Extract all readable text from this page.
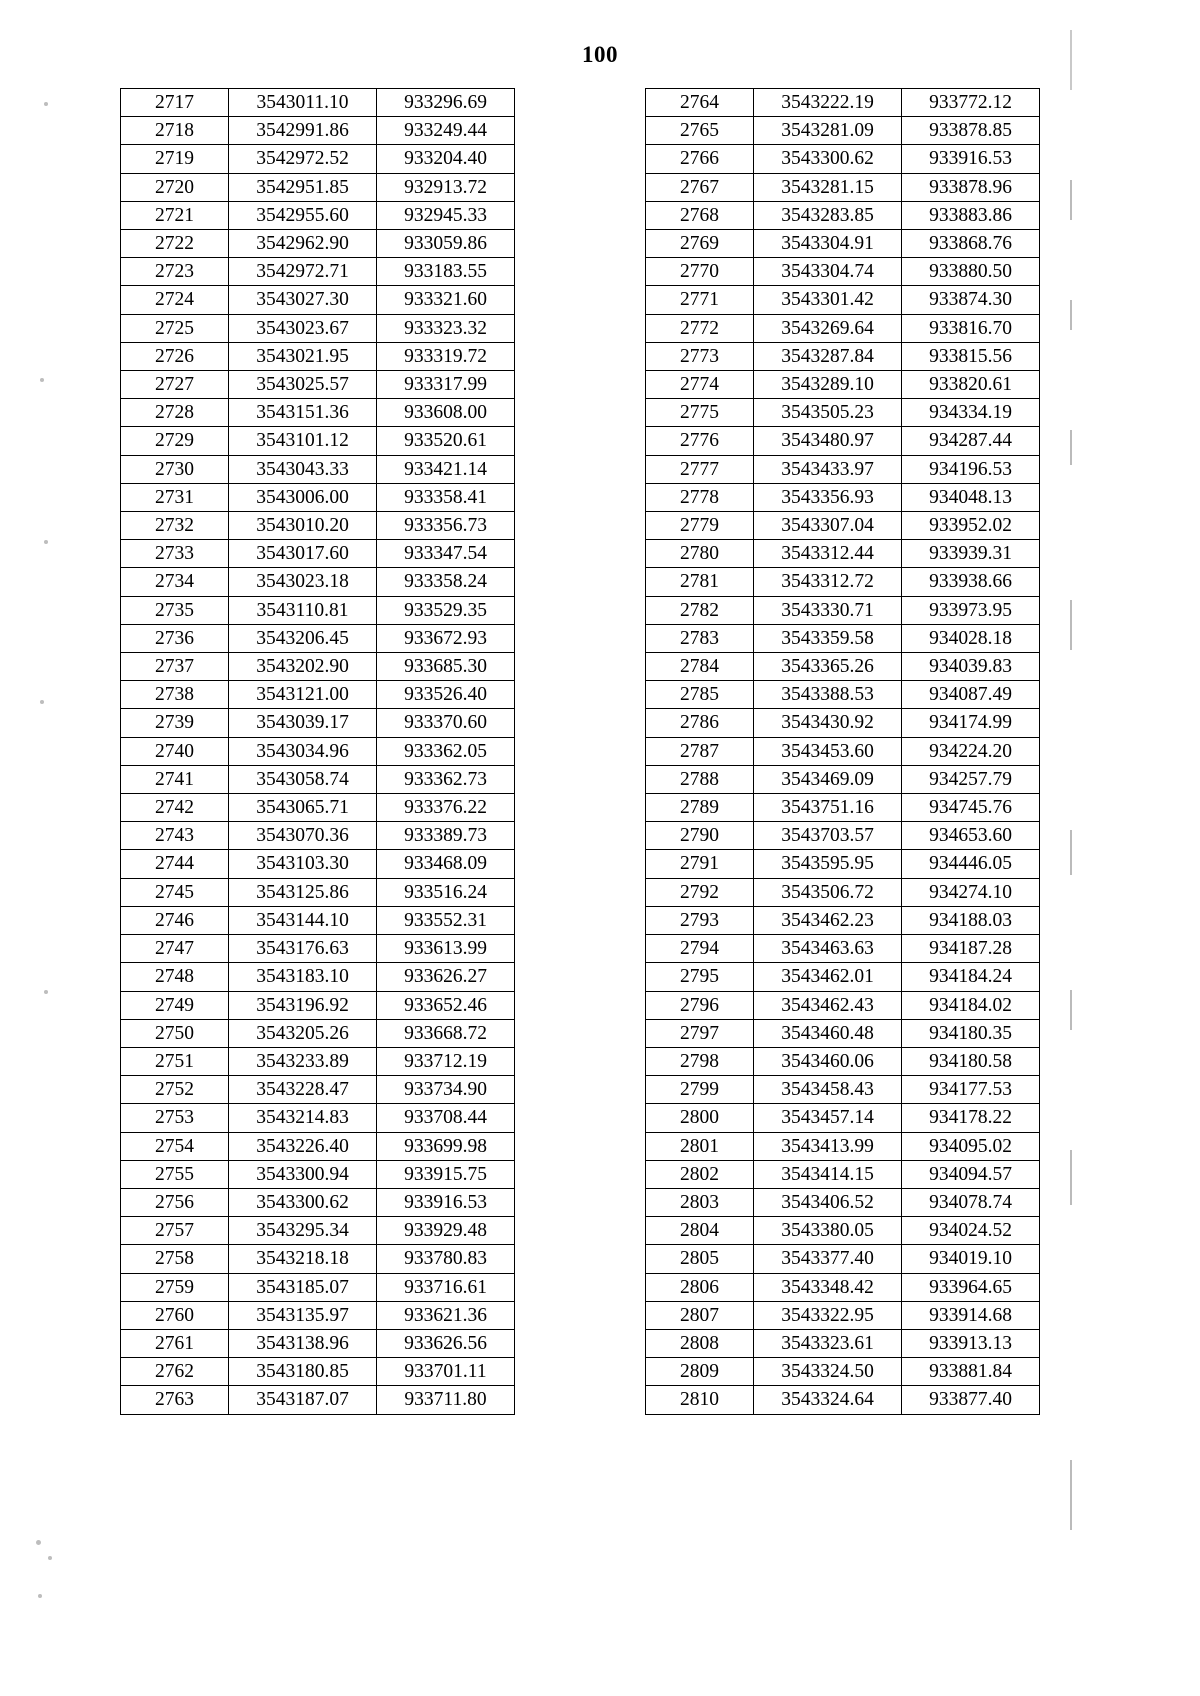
100
2717	3543011.10	933296.69
2718	3542991.86	933249.44
2719	3542972.52	933204.40
2720	3542951.85	932913.72
2721	3542955.60	932945.33
2722	3542962.90	933059.86
2723	3542972.71	933183.55
2724	3543027.30	933321.60
2725	3543023.67	933323.32
2726	3543021.95	933319.72
2727	3543025.57	933317.99
2728	3543151.36	933608.00
2729	3543101.12	933520.61
2730	3543043.33	933421.14
2731	3543006.00	933358.41
2732	3543010.20	933356.73
2733	3543017.60	933347.54
2734	3543023.18	933358.24
2735	3543110.81	933529.35
2736	3543206.45	933672.93
2737	3543202.90	933685.30
2738	3543121.00	933526.40
2739	3543039.17	933370.60
2740	3543034.96	933362.05
2741	3543058.74	933362.73
2742	3543065.71	933376.22
2743	3543070.36	933389.73
2744	3543103.30	933468.09
2745	3543125.86	933516.24
2746	3543144.10	933552.31
2747	3543176.63	933613.99
2748	3543183.10	933626.27
2749	3543196.92	933652.46
2750	3543205.26	933668.72
2751	3543233.89	933712.19
2752	3543228.47	933734.90
2753	3543214.83	933708.44
2754	3543226.40	933699.98
2755	3543300.94	933915.75
2756	3543300.62	933916.53
2757	3543295.34	933929.48
2758	3543218.18	933780.83
2759	3543185.07	933716.61
2760	3543135.97	933621.36
2761	3543138.96	933626.56
2762	3543180.85	933701.11
2763	3543187.07	933711.80
2764	3543222.19	933772.12
2765	3543281.09	933878.85
2766	3543300.62	933916.53
2767	3543281.15	933878.96
2768	3543283.85	933883.86
2769	3543304.91	933868.76
2770	3543304.74	933880.50
2771	3543301.42	933874.30
2772	3543269.64	933816.70
2773	3543287.84	933815.56
2774	3543289.10	933820.61
2775	3543505.23	934334.19
2776	3543480.97	934287.44
2777	3543433.97	934196.53
2778	3543356.93	934048.13
2779	3543307.04	933952.02
2780	3543312.44	933939.31
2781	3543312.72	933938.66
2782	3543330.71	933973.95
2783	3543359.58	934028.18
2784	3543365.26	934039.83
2785	3543388.53	934087.49
2786	3543430.92	934174.99
2787	3543453.60	934224.20
2788	3543469.09	934257.79
2789	3543751.16	934745.76
2790	3543703.57	934653.60
2791	3543595.95	934446.05
2792	3543506.72	934274.10
2793	3543462.23	934188.03
2794	3543463.63	934187.28
2795	3543462.01	934184.24
2796	3543462.43	934184.02
2797	3543460.48	934180.35
2798	3543460.06	934180.58
2799	3543458.43	934177.53
2800	3543457.14	934178.22
2801	3543413.99	934095.02
2802	3543414.15	934094.57
2803	3543406.52	934078.74
2804	3543380.05	934024.52
2805	3543377.40	934019.10
2806	3543348.42	933964.65
2807	3543322.95	933914.68
2808	3543323.61	933913.13
2809	3543324.50	933881.84
2810	3543324.64	933877.40
